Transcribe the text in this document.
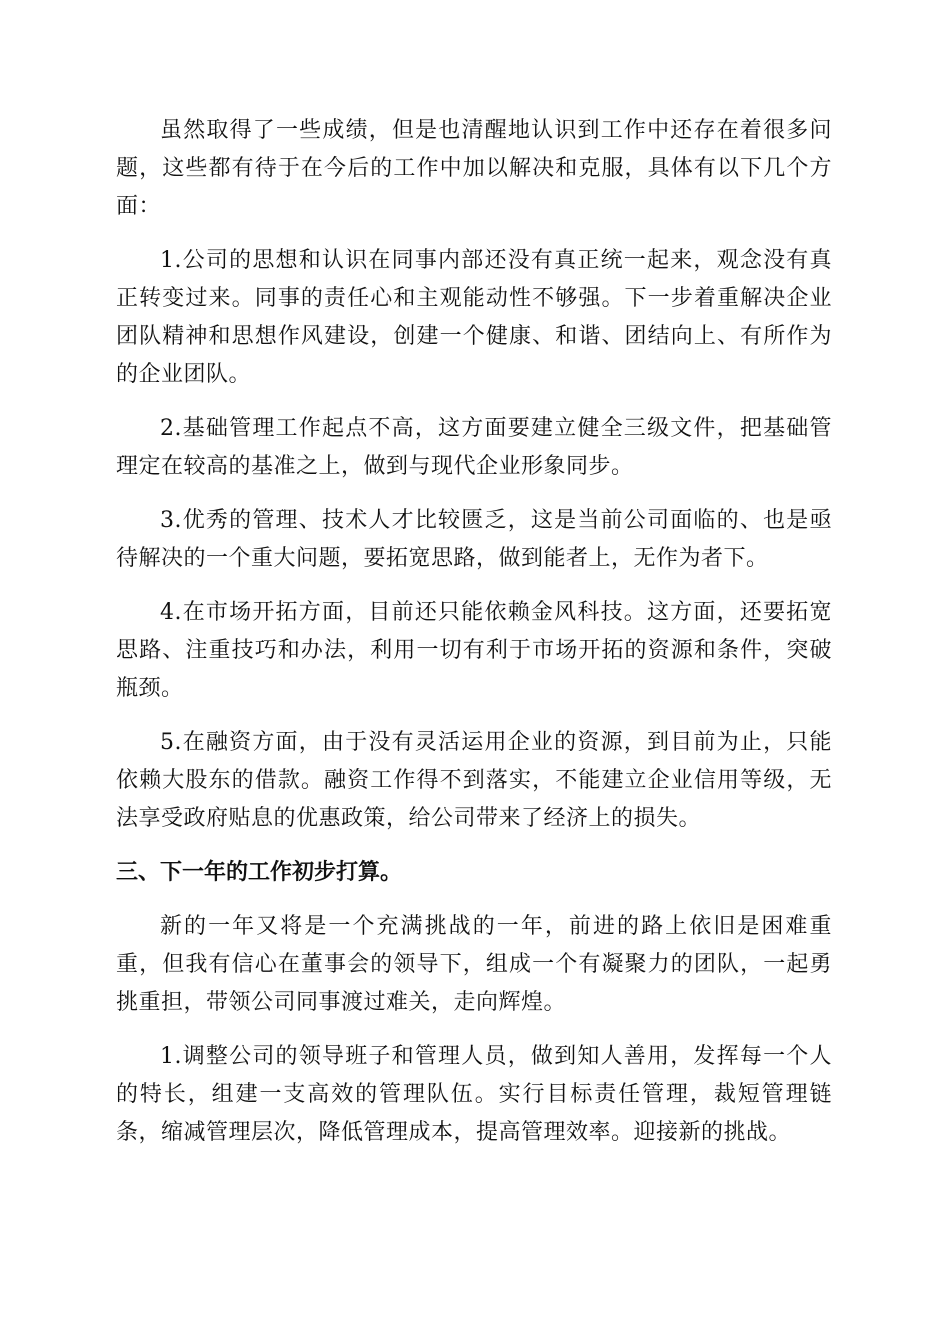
虽然取得了一些成绩，但是也清醒地认识到工作中还存在着很多问题，这些都有待于在今后的工作中加以解决和克服，具体有以下几个方面：

1.公司的思想和认识在同事内部还没有真正统一起来，观念没有真正转变过来。同事的责任心和主观能动性不够强。下一步着重解决企业团队精神和思想作风建设，创建一个健康、和谐、团结向上、有所作为的企业团队。

2.基础管理工作起点不高，这方面要建立健全三级文件，把基础管理定在较高的基准之上，做到与现代企业形象同步。

3.优秀的管理、技术人才比较匮乏，这是当前公司面临的、也是亟待解决的一个重大问题，要拓宽思路，做到能者上，无作为者下。

4.在市场开拓方面，目前还只能依赖金风科技。这方面，还要拓宽思路、注重技巧和办法，利用一切有利于市场开拓的资源和条件，突破瓶颈。

5.在融资方面，由于没有灵活运用企业的资源，到目前为止，只能依赖大股东的借款。融资工作得不到落实，不能建立企业信用等级，无法享受政府贴息的优惠政策，给公司带来了经济上的损失。

三、下一年的工作初步打算。

新的一年又将是一个充满挑战的一年，前进的路上依旧是困难重重，但我有信心在董事会的领导下，组成一个有凝聚力的团队，一起勇挑重担，带领公司同事渡过难关，走向辉煌。

1.调整公司的领导班子和管理人员，做到知人善用，发挥每一个人的特长，组建一支高效的管理队伍。实行目标责任管理，裁短管理链条，缩减管理层次，降低管理成本，提高管理效率。迎接新的挑战。
